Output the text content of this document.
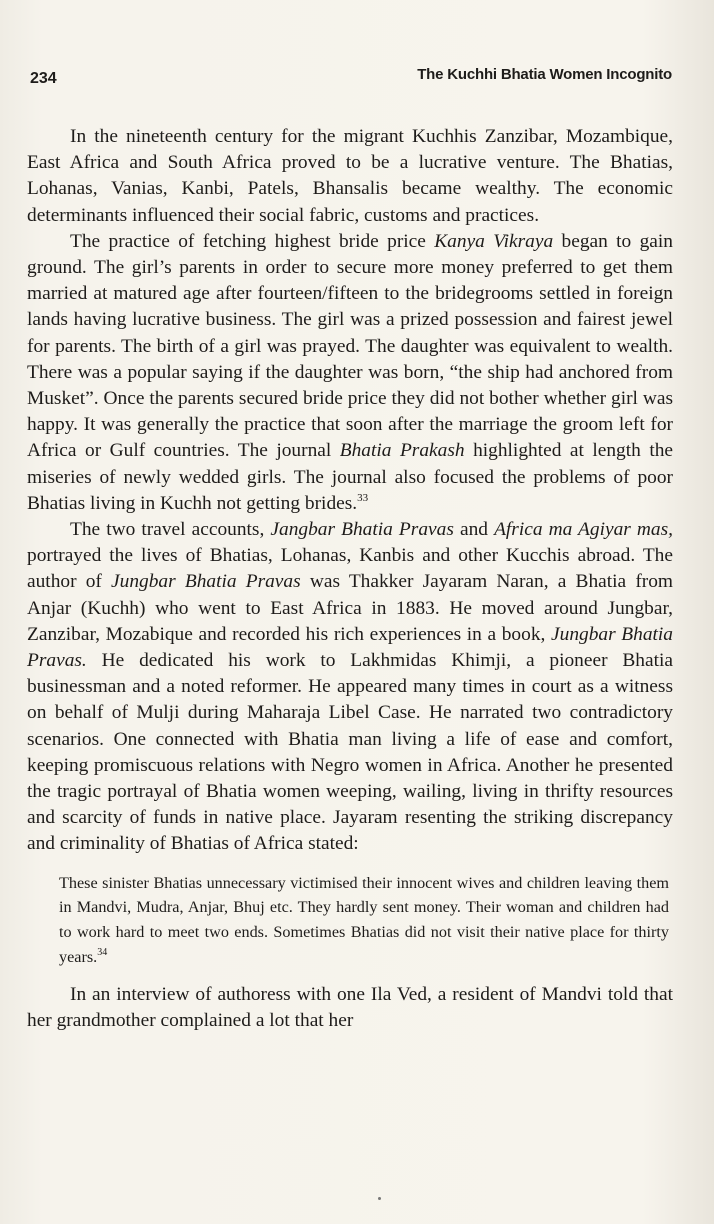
234	The Kuchhi Bhatia Women Incognito

In the nineteenth century for the migrant Kuchhis Zanzibar, Mozambique, East Africa and South Africa proved to be a lucrative venture. The Bhatias, Lohanas, Vanias, Kanbi, Patels, Bhansalis became wealthy. The economic determinants influenced their social fabric, customs and practices.

The practice of fetching highest bride price Kanya Vikraya began to gain ground. The girl’s parents in order to secure more money preferred to get them married at matured age after fourteen/fifteen to the bridegrooms settled in foreign lands having lucrative business. The girl was a prized possession and fairest jewel for parents. The birth of a girl was prayed. The daughter was equivalent to wealth. There was a popular saying if the daughter was born, “the ship had anchored from Musket”. Once the parents secured bride price they did not bother whether girl was happy. It was generally the practice that soon after the marriage the groom left for Africa or Gulf countries. The journal Bhatia Prakash highlighted at length the miseries of newly wedded girls. The journal also focused the problems of poor Bhatias living in Kuchh not getting brides.$^{33}$

The two travel accounts, Jangbar Bhatia Pravas and Africa ma Agiyar mas, portrayed the lives of Bhatias, Lohanas, Kanbis and other Kucchis abroad. The author of Jungbar Bhatia Pravas was Thakker Jayaram Naran, a Bhatia from Anjar (Kuchh) who went to East Africa in 1883. He moved around Jungbar, Zanzibar, Mozabique and recorded his rich experiences in a book, Jungbar Bhatia Pravas. He dedicated his work to Lakhmidas Khimji, a pioneer Bhatia businessman and a noted reformer. He appeared many times in court as a witness on behalf of Mulji during Maharaja Libel Case. He narrated two contradictory scenarios. One connected with Bhatia man living a life of ease and comfort, keeping promiscuous relations with Negro women in Africa. Another he presented the tragic portrayal of Bhatia women weeping, wailing, living in thrifty resources and scarcity of funds in native place. Jayaram resenting the striking discrepancy and criminality of Bhatias of Africa stated:

These sinister Bhatias unnecessary victimised their innocent wives and children leaving them in Mandvi, Mudra, Anjar, Bhuj etc. They hardly sent money. Their woman and children had to work hard to meet two ends. Sometimes Bhatias did not visit their native place for thirty years.$^{34}$

In an interview of authoress with one Ila Ved, a resident of Mandvi told that her grandmother complained a lot that her
